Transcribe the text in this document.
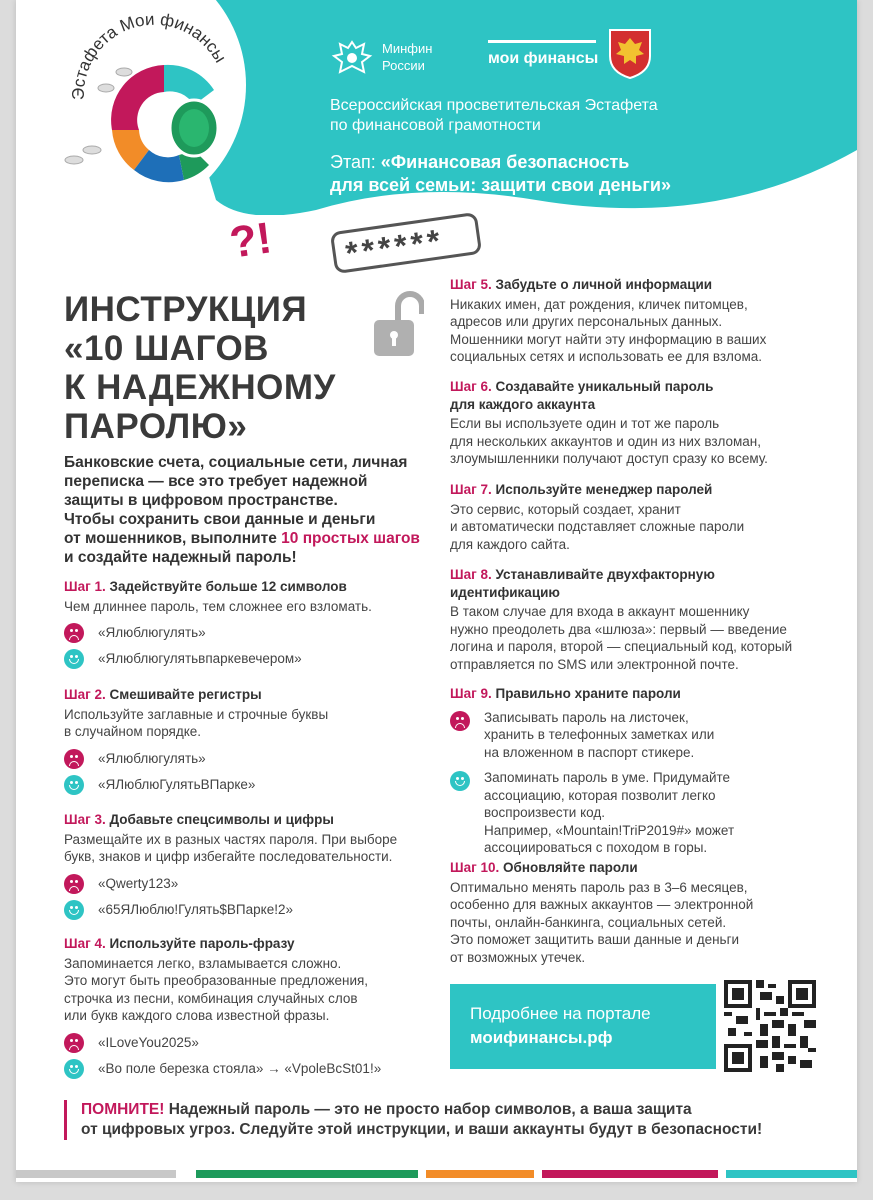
Эстафета Мои финансы	Минфин
России	мои финансы
Всероссийская просветительская Эстафета
по финансовой грамотности
Этап: «Финансовая безопасность
для всей семьи: защити свои деньги»
?! ******
ИНСТРУКЦИЯ
«10 ШАГОВ
К НАДЕЖНОМУ
ПАРОЛЮ»
Банковские счета, социальные сети, личная
переписка — все это требует надежной
защиты в цифровом пространстве.
Чтобы сохранить свои данные и деньги
от мошенников, выполните 10 простых шагов
и создайте надежный пароль!
Шаг 1. Задействуйте больше 12 символов
Чем длиннее пароль, тем сложнее его взломать.
«Ялюблюгулять»
«Ялюблюгулятьвпаркевечером»
Шаг 2. Смешивайте регистры
Используйте заглавные и строчные буквы
в случайном порядке.
«Ялюблюгулять»
«ЯЛюблюГулятьВПарке»
Шаг 3. Добавьте спецсимволы и цифры
Размещайте их в разных частях пароля. При выборе
букв, знаков и цифр избегайте последовательности.
«Qwerty123»
«65ЯЛюблю!Гулять$ВПарке!2»
Шаг 4. Используйте пароль-фразу
Запоминается легко, взламывается сложно.
Это могут быть преобразованные предложения,
строчка из песни, комбинация случайных слов
или букв каждого слова известной фразы.
«ILoveYou2025»
«Во поле березка стояла» → «VpoleBcSt01!»
Шаг 5. Забудьте о личной информации
Никаких имен, дат рождения, кличек питомцев,
адресов или других персональных данных.
Мошенники могут найти эту информацию в ваших
социальных сетях и использовать ее для взлома.
Шаг 6. Создавайте уникальный пароль
для каждого аккаунта
Если вы используете один и тот же пароль
для нескольких аккаунтов и один из них взломан,
злоумышленники получают доступ сразу ко всему.
Шаг 7. Используйте менеджер паролей
Это сервис, который создает, хранит
и автоматически подставляет сложные пароли
для каждого сайта.
Шаг 8. Устанавливайте двухфакторную
идентификацию
В таком случае для входа в аккаунт мошеннику
нужно преодолеть два «шлюза»: первый — введение
логина и пароля, второй — специальный код, который
отправляется по SMS или электронной почте.
Шаг 9. Правильно храните пароли
Записывать пароль на листочек,
хранить в телефонных заметках или
на вложенном в паспорт стикере.
Запоминать пароль в уме. Придумайте
ассоциацию, которая позволит легко
воспроизвести код.
Например, «Mountain!TriP2019#» может
ассоциироваться с походом в горы.
Шаг 10. Обновляйте пароли
Оптимально менять пароль раз в 3–6 месяцев,
особенно для важных аккаунтов — электронной
почты, онлайн-банкинга, социальных сетей.
Это поможет защитить ваши данные и деньги
от возможных утечек.
Подробнее на портале
моифинансы.рф
ПОМНИТЕ! Надежный пароль — это не просто набор символов, а ваша защита
от цифровых угроз. Следуйте этой инструкции, и ваши аккаунты будут в безопасности!
